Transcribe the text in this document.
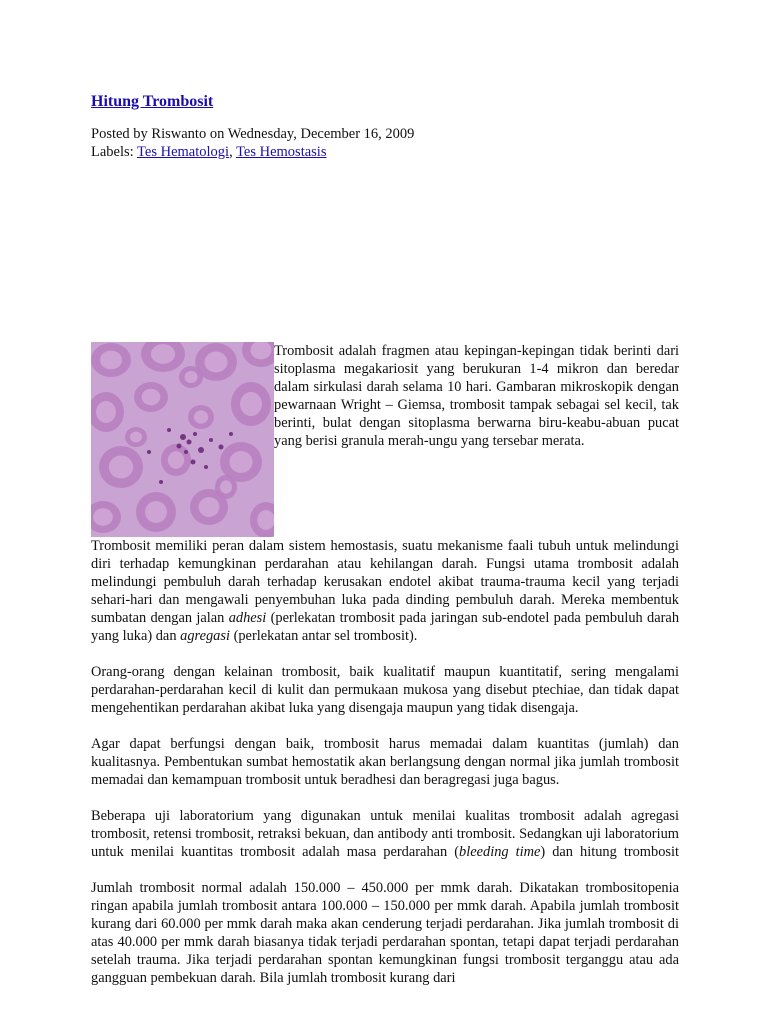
Hitung Trombosit
Posted by Riswanto on Wednesday, December 16, 2009
Labels: Tes Hematologi, Tes Hemostasis

Trombosit adalah fragmen atau kepingan-kepingan tidak berinti dari sitoplasma megakariosit yang berukuran 1-4 mikron dan beredar dalam sirkulasi darah selama 10 hari. Gambaran mikroskopik dengan pewarnaan Wright – Giemsa, trombosit tampak sebagai sel kecil, tak berinti, bulat dengan sitoplasma berwarna biru-keabu-abuan pucat yang berisi granula merah-ungu yang tersebar merata.

Trombosit memiliki peran dalam sistem hemostasis, suatu mekanisme faali tubuh untuk melindungi diri terhadap kemungkinan perdarahan atau kehilangan darah. Fungsi utama trombosit adalah melindungi pembuluh darah terhadap kerusakan endotel akibat trauma-trauma kecil yang terjadi sehari-hari dan mengawali penyembuhan luka pada dinding pembuluh darah. Mereka membentuk sumbatan dengan jalan adhesi (perlekatan trombosit pada jaringan sub-endotel pada pembuluh darah yang luka) dan agregasi (perlekatan antar sel trombosit).

Orang-orang dengan kelainan trombosit, baik kualitatif maupun kuantitatif, sering mengalami perdarahan-perdarahan kecil di kulit dan permukaan mukosa yang disebut ptechiae, dan tidak dapat mengehentikan perdarahan akibat luka yang disengaja maupun yang tidak disengaja.

Agar dapat berfungsi dengan baik, trombosit harus memadai dalam kuantitas (jumlah) dan kualitasnya. Pembentukan sumbat hemostatik akan berlangsung dengan normal jika jumlah trombosit memadai dan kemampuan trombosit untuk beradhesi dan beragregasi juga bagus.

Beberapa uji laboratorium yang digunakan untuk menilai kualitas trombosit adalah agregasi trombosit, retensi trombosit, retraksi bekuan, dan antibody anti trombosit. Sedangkan uji laboratorium untuk menilai kuantitas trombosit adalah masa perdarahan (bleeding time) dan hitung trombosit

Jumlah trombosit normal adalah 150.000 – 450.000 per mmk darah. Dikatakan trombositopenia ringan apabila jumlah trombosit antara 100.000 – 150.000 per mmk darah. Apabila jumlah trombosit kurang dari 60.000 per mmk darah maka akan cenderung terjadi perdarahan. Jika jumlah trombosit di atas 40.000 per mmk darah biasanya tidak terjadi perdarahan spontan, tetapi dapat terjadi perdarahan setelah trauma. Jika terjadi perdarahan spontan kemungkinan fungsi trombosit terganggu atau ada gangguan pembekuan darah. Bila jumlah trombosit kurang dari
